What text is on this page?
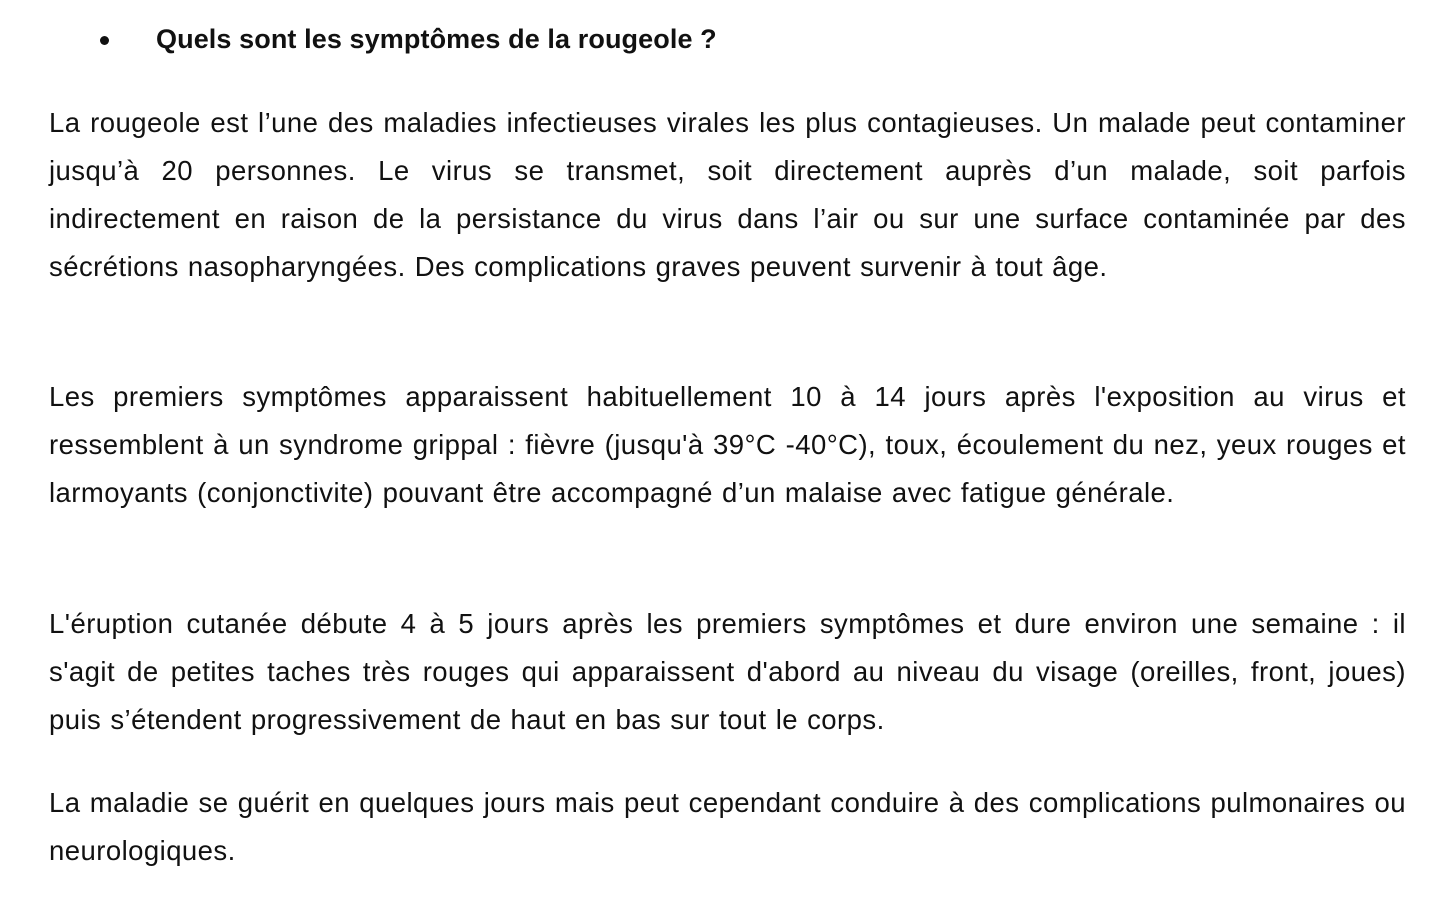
Quels sont les symptômes de la rougeole ?

La rougeole est l’une des maladies infectieuses virales les plus contagieuses. Un malade peut contaminer jusqu’à 20 personnes. Le virus se transmet, soit directement auprès d’un malade, soit parfois indirectement en raison de la persistance du virus dans l’air ou sur une surface contaminée par des sécrétions nasopharyngées. Des complications graves peuvent survenir à tout âge.

Les premiers symptômes apparaissent habituellement 10 à 14 jours après l'exposition au virus et ressemblent à un syndrome grippal : fièvre (jusqu'à 39°C -40°C), toux, écoulement du nez, yeux rouges et larmoyants (conjonctivite) pouvant être accompagné d’un malaise avec fatigue générale.

L'éruption cutanée débute 4 à 5 jours après les premiers symptômes et dure environ une semaine : il s'agit de petites taches très rouges qui apparaissent d'abord au niveau du visage (oreilles, front, joues) puis s’étendent progressivement de haut en bas sur tout le corps.

La maladie se guérit en quelques jours mais peut cependant conduire à des complications pulmonaires ou neurologiques.
